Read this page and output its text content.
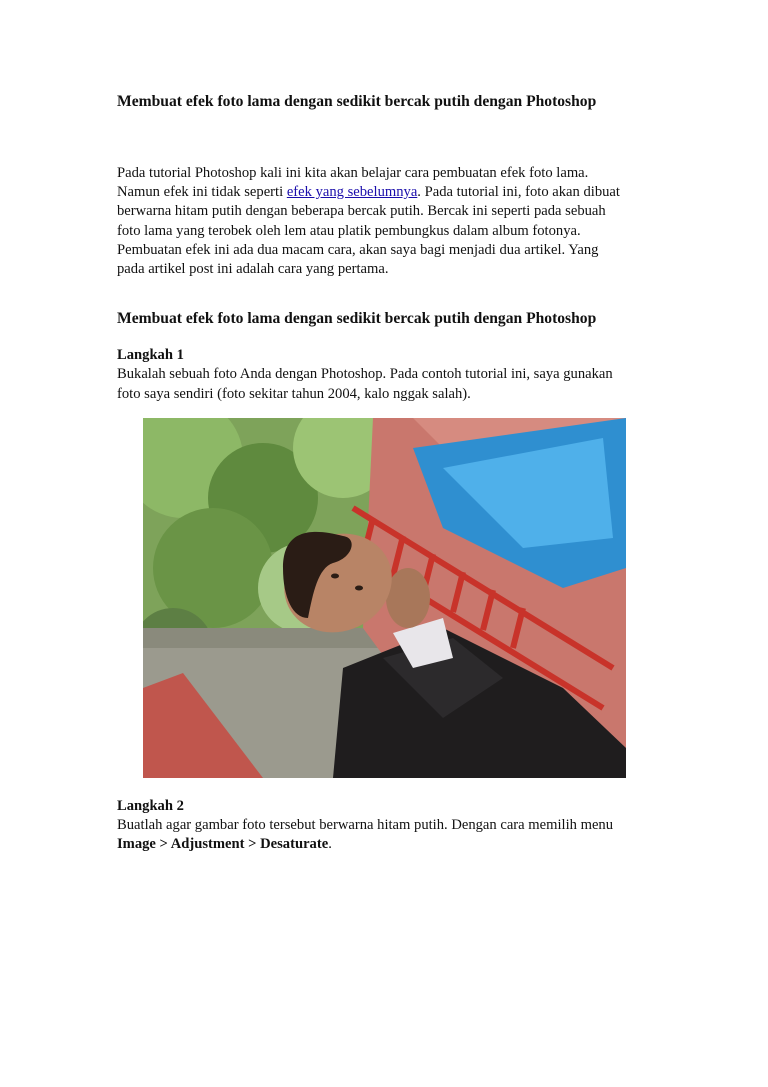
Membuat efek foto lama dengan sedikit bercak putih dengan Photoshop

Pada tutorial Photoshop kali ini kita akan belajar cara pembuatan efek foto lama.

Namun efek ini tidak seperti efek yang sebelumnya. Pada tutorial ini, foto akan dibuat

berwarna hitam putih dengan beberapa bercak putih. Bercak ini seperti pada sebuah

foto lama yang terobek oleh lem atau platik pembungkus dalam album fotonya.

Pembuatan efek ini ada dua macam cara, akan saya bagi menjadi dua artikel. Yang

pada artikel post ini adalah cara yang pertama.

Membuat efek foto lama dengan sedikit bercak putih dengan Photoshop

Langkah 1

Bukalah sebuah foto Anda dengan Photoshop. Pada contoh tutorial ini, saya gunakan

foto saya sendiri (foto sekitar tahun 2004, kalo nggak salah).

Langkah 2

Buatlah agar gambar foto tersebut berwarna hitam putih. Dengan cara memilih menu

Image > Adjustment > Desaturate.
